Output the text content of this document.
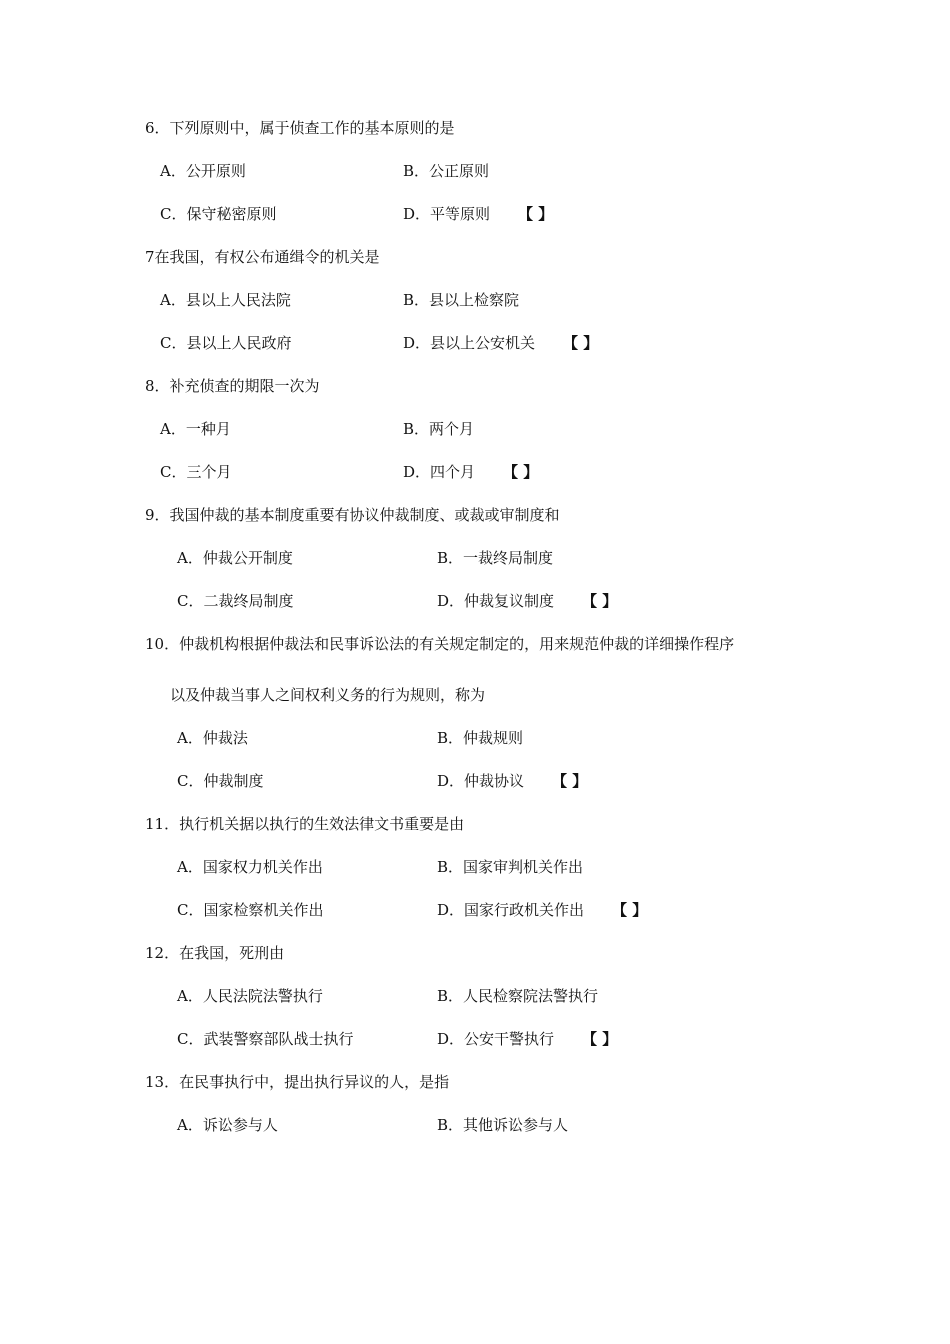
6．下列原则中，属于侦查工作的基本原则的是
A．公开原则	B．公正原则
C．保守秘密原则	D．平等原则 【 】
7在我国，有权公布通缉令的机关是
A．县以上人民法院	B．县以上检察院
C．县以上人民政府	D．县以上公安机关 【 】
8．补充侦查的期限一次为
A．一种月	B．两个月
C．三个月	D．四个月 【 】
9．我国仲裁的基本制度重要有协议仲裁制度、或裁或审制度和
A．仲裁公开制度	B．一裁终局制度
C．二裁终局制度	D．仲裁复议制度 【 】
10．仲裁机构根据仲裁法和民事诉讼法的有关规定制定的，用来规范仲裁的详细操作程序
以及仲裁当事人之间权利义务的行为规则，称为
A．仲裁法	B．仲裁规则
C．仲裁制度	D．仲裁协议 【 】
11．执行机关据以执行的生效法律文书重要是由
A．国家权力机关作出	B．国家审判机关作出
C．国家检察机关作出	D．国家行政机关作出 【 】
12．在我国，死刑由
A．人民法院法警执行	B．人民检察院法警执行
C．武装警察部队战士执行	D．公安干警执行 【 】
13．在民事执行中，提出执行异议的人，是指
A．诉讼参与人	B．其他诉讼参与人
